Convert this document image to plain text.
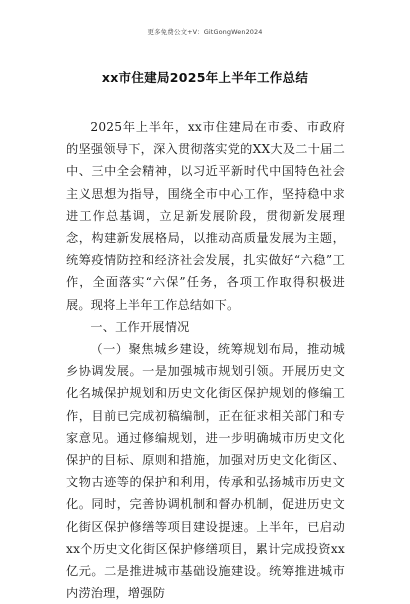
更多免费公文+V：GitGongWen2024
xx市住建局2025年上半年工作总结

2025年上半年，xx市住建局在市委、市政府的坚强领导下，深入贯彻落实党的XX大及二十届二中、三中全会精神，以习近平新时代中国特色社会主义思想为指导，围绕全市中心工作，坚持稳中求进工作总基调，立足新发展阶段，贯彻新发展理念，构建新发展格局，以推动高质量发展为主题，统筹疫情防控和经济社会发展，扎实做好“六稳”工作，全面落实“六保”任务，各项工作取得积极进展。现将上半年工作总结如下。

一、工作开展情况

（一）聚焦城乡建设，统筹规划布局，推动城乡协调发展。一是加强城市规划引领。开展历史文化名城保护规划和历史文化街区保护规划的修编工作，目前已完成初稿编制，正在征求相关部门和专家意见。通过修编规划，进一步明确城市历史文化保护的目标、原则和措施，加强对历史文化街区、文物古迹等的保护和利用，传承和弘扬城市历史文化。同时，完善协调机制和督办机制，促进历史文化街区保护修缮等项目建设提速。上半年，已启动xx个历史文化街区保护修缮项目，累计完成投资xx亿元。二是推进城市基础设施建设。统筹推进城市内涝治理，增强防
